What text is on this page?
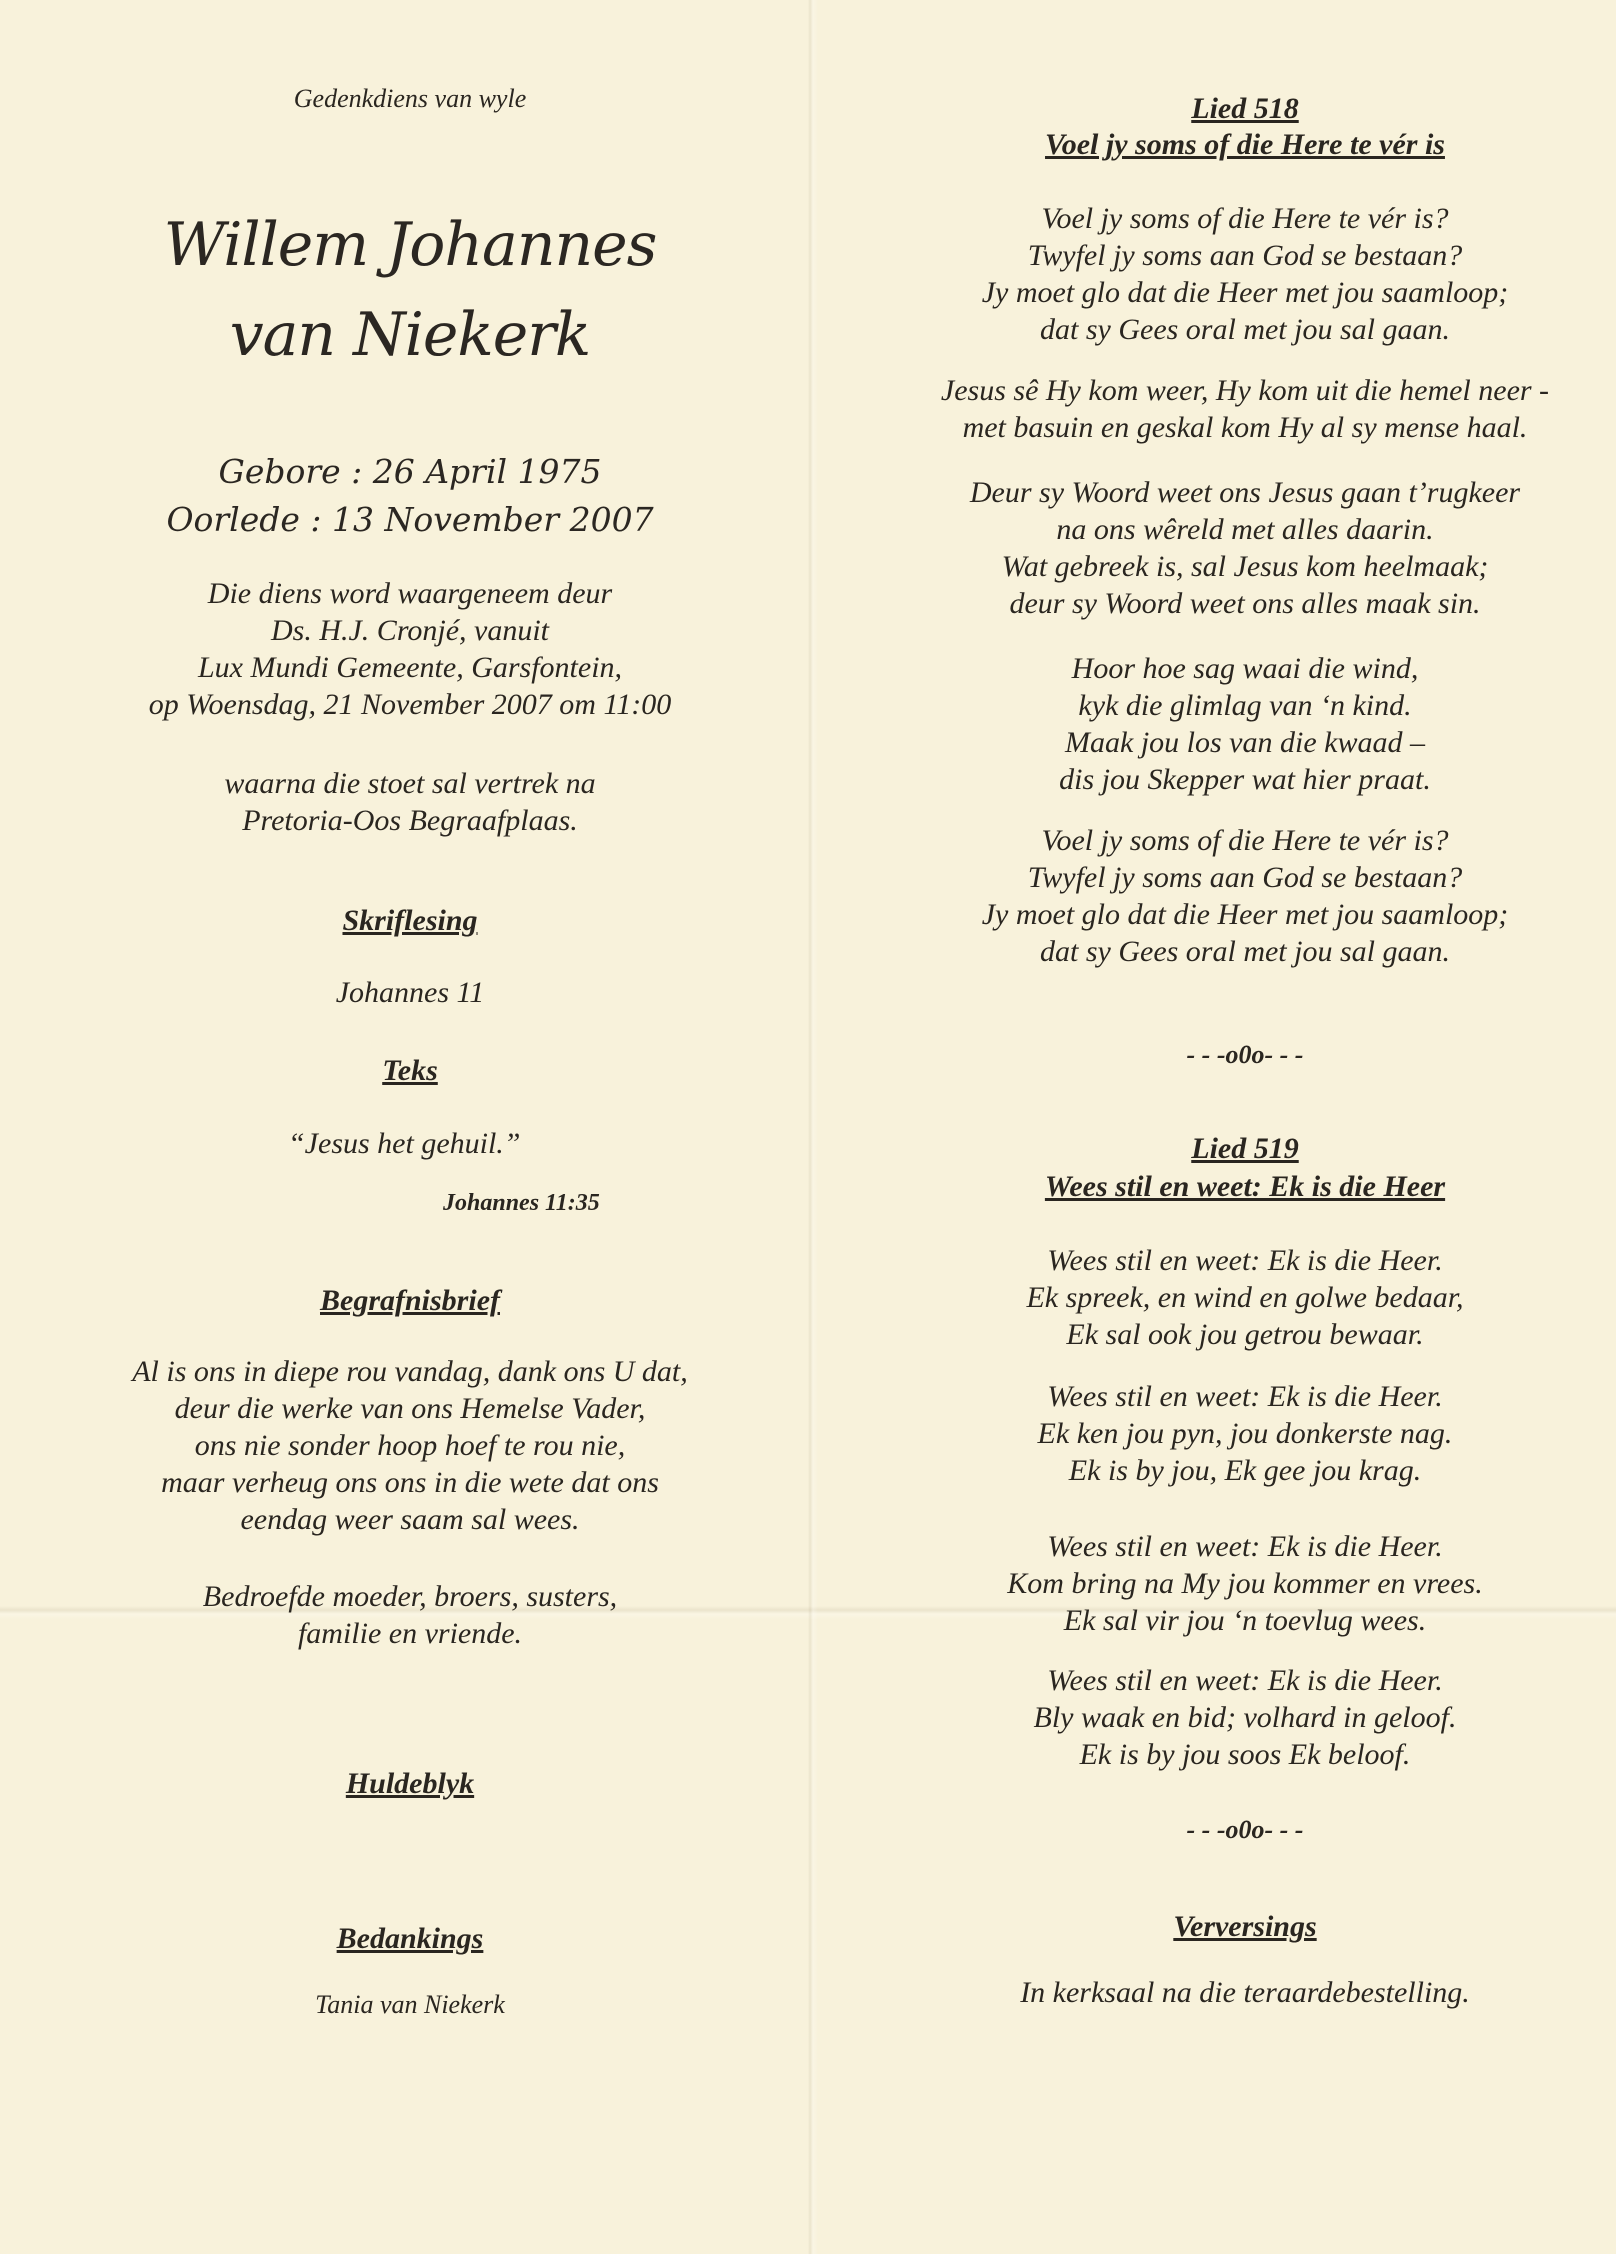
Gedenkdiens van wyle
Willem Johannes
van Niekerk
Gebore : 26 April 1975
Oorlede : 13 November 2007
Die diens word waargeneem deur
Ds. H.J. Cronjé, vanuit
Lux Mundi Gemeente, Garsfontein,
op Woensdag, 21 November 2007 om 11:00
waarna die stoet sal vertrek na
Pretoria-Oos Begraafplaas.
Skriflesing
Johannes 11
Teks
“Jesus het gehuil.”
Johannes 11:35
Begrafnisbrief
Al is ons in diepe rou vandag, dank ons U dat,
deur die werke van ons Hemelse Vader,
ons nie sonder hoop hoef te rou nie,
maar verheug ons ons in die wete dat ons
eendag weer saam sal wees.
Bedroefde moeder, broers, susters,
familie en vriende.
Huldeblyk
Bedankings
Tania van Niekerk
Lied 518
Voel jy soms of die Here te vér is
Voel jy soms of die Here te vér is?
Twyfel jy soms aan God se bestaan?
Jy moet glo dat die Heer met jou saamloop;
dat sy Gees oral met jou sal gaan.
Jesus sê Hy kom weer, Hy kom uit die hemel neer -
met basuin en geskal kom Hy al sy mense haal.
Deur sy Woord weet ons Jesus gaan t’rugkeer
na ons wêreld met alles daarin.
Wat gebreek is, sal Jesus kom heelmaak;
deur sy Woord weet ons alles maak sin.
Hoor hoe sag waai die wind,
kyk die glimlag van ‘n kind.
Maak jou los van die kwaad –
dis jou Skepper wat hier praat.
Voel jy soms of die Here te vér is?
Twyfel jy soms aan God se bestaan?
Jy moet glo dat die Heer met jou saamloop;
dat sy Gees oral met jou sal gaan.
- - -o0o- - -
Lied 519
Wees stil en weet: Ek is die Heer
Wees stil en weet: Ek is die Heer.
Ek spreek, en wind en golwe bedaar,
Ek sal ook jou getrou bewaar.
Wees stil en weet: Ek is die Heer.
Ek ken jou pyn, jou donkerste nag.
Ek is by jou, Ek gee jou krag.
Wees stil en weet: Ek is die Heer.
Kom bring na My jou kommer en vrees.
Ek sal vir jou ‘n toevlug wees.
Wees stil en weet: Ek is die Heer.
Bly waak en bid; volhard in geloof.
Ek is by jou soos Ek beloof.
- - -o0o- - -
Verversings
In kerksaal na die teraardebestelling.
